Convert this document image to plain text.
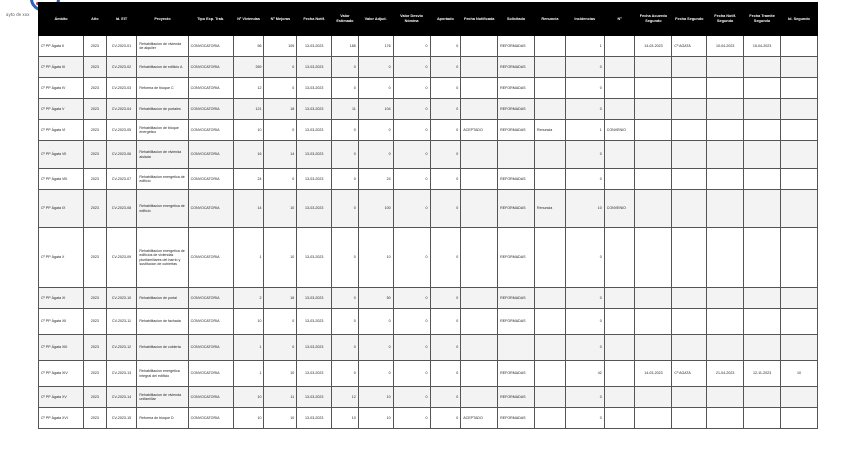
ayto de xxx
Ámbito	Año	Id. EIT	Proyecto	Tipo Exp. Trab.	Nº Viviendas	Nº Mejoras	Fecha Notif.	Valor Estimado	Valor Adjud.	Valor Desvio Nómina	Aportado	Fecha Notificada	Solicitado	Renuncia	Incidencias	Nº	Fecha Acuerdo Segundo	Fecha Segundo	Fecha Notif. Segundo	Fecha Tramite Segundo	Id. Segundo

Cº PP Ágata II	2023	CV-2023-01	Rehabilitacion de vivienda de alquiler	CONVOCATORIA	56	105	13-03-2023	185	176	0	0		REFORMADAS		1		14-03-2023	Cº AGATA	10-04-2023	15-04-2023	

Cº PP Ágata III	2023	CV-2023-02	Rehabilitacion de edificio A	CONVOCATORIA	269	0	13-03-2023	0	0	0	0		REFORMADAS		0						

Cº PP Ágata IV	2023	CV-2023-03	Reforma de bloque C	CONVOCATORIA	12	0	13-03-2023	0	0	0	0		REFORMADAS		0						

Cº PP Ágata V	2023	CV-2023-04	Rehabilitacion de portales	CONVOCATORIA	121	18	13-03-2023	11	104	0	0		REFORMADAS		0						

Cº PP Ágata VI	2023	CV-2023-05	Rehabilitacion de bloque energetico	CONVOCATORIA	10	0	13-03-2023	0	0	0	0	ACEPTADO	REFORMADAS	Renuncia	1	CONVENIO					

Cº PP Ágata VII	2023	CV-2023-06	Rehabilitacion de vivienda aislada	CONVOCATORIA	16	14	13-03-2023	0	0	0	0				0						

Cº PP Ágata VIII	2023	CV-2023-07	Rehabilitacion energetica de edificio	CONVOCATORIA	24	0	13-03-2023	0	24	0	0		REFORMADAS		0						

Cº PP Ágata IX	2023	CV-2023-08	Rehabilitacion energetica de edificio	CONVOCATORIA	14	10	13-03-2023	0	100	0	0		REFORMADAS	Renuncia	10	CONVENIO					

Cº PP Ágata X	2023	CV-2023-09	Rehabilitacion energetica de edificios de viviendas plurifamiliares del barrio y sustitucion de cubiertas	CONVOCATORIA	1	10	13-03-2023	0	10	0	0		REFORMADAS		0						

Cº PP Ágata XI	2023	CV-2023-10	Rehabilitacion de portal	CONVOCATORIA	2	16	13-03-2023	0	50	0	0		REFORMADAS		0						

Cº PP Ágata XII	2023	CV-2023-11	Rehabilitacion de fachada	CONVOCATORIA	10	0	13-03-2023	0	0	0	0		REFORMADAS		0						

Cº PP Ágata XIII	2023	CV-2023-12	Rehabilitacion de cubierta	CONVOCATORIA	1	0	13-03-2023	0	0	0	0				0						

Cº PP Ágata XIV	2023	CV-2023-13	Rehabilitacion energetica integral del edificio	CONVOCATORIA	1	10	13-03-2023	0	0	0	0		REFORMADAS		42		14-03-2023	Cº AGATA	21-04-2023	12-11-2023	10

Cº PP Ágata XV	2023	CV-2023-14	Rehabilitacion de vivienda unifamiliar	CONVOCATORIA	10	11	13-03-2023	12	10	0	0		REFORMADAS		0						

Cº PP Ágata XVI	2023	CV-2023-15	Reforma de bloque D	CONVOCATORIA	10	10	13-03-2023	10	10	0	0	ACEPTADO	REFORMADAS		0						
